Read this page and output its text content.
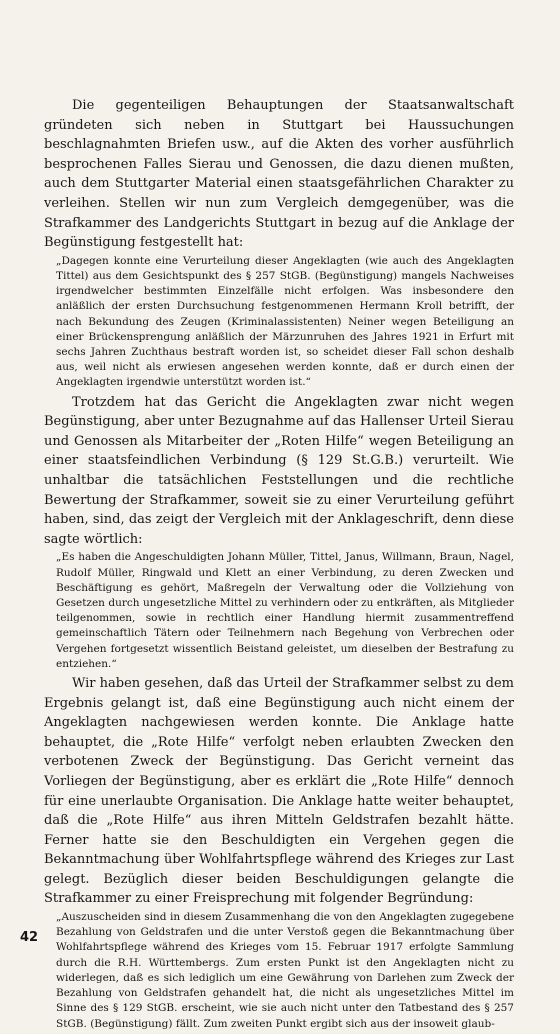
Die gegenteiligen Behauptungen der Staatsanwaltschaft gründeten sich neben in Stuttgart bei Haussuchungen beschlagnahmten Briefen usw., auf die Akten des vorher ausführlich besprochenen Falles Sierau und Genossen, die dazu dienen mußten, auch dem Stuttgarter Material einen staatsgefährlichen Charakter zu verleihen. Stellen wir nun zum Vergleich demgegenüber, was die Strafkammer des Landgerichts Stuttgart in bezug auf die Anklage der Begünstigung festgestellt hat:

„Dagegen konnte eine Verurteilung dieser Angeklagten (wie auch des Angeklagten Tittel) aus dem Gesichtspunkt des § 257 StGB. (Begünstigung) mangels Nachweises irgendwelcher bestimmten Einzelfälle nicht erfolgen. Was insbesondere den anläßlich der ersten Durchsuchung festgenommenen Hermann Kroll betrifft, der nach Bekundung des Zeugen (Kriminalassistenten) Neiner wegen Beteiligung an einer Brückensprengung anläßlich der Märzunruhen des Jahres 1921 in Erfurt mit sechs Jahren Zuchthaus bestraft worden ist, so scheidet dieser Fall schon deshalb aus, weil nicht als erwiesen angesehen werden konnte, daß er durch einen der Angeklagten irgendwie unterstützt worden ist.“

Trotzdem hat das Gericht die Angeklagten zwar nicht wegen Begünstigung, aber unter Bezugnahme auf das Hallenser Urteil Sierau und Genossen als Mitarbeiter der „Roten Hilfe“ wegen Beteiligung an einer staatsfeindlichen Verbindung (§ 129 St.G.B.) verurteilt. Wie unhaltbar die tatsächlichen Feststellungen und die rechtliche Bewertung der Strafkammer, soweit sie zu einer Verurteilung geführt haben, sind, das zeigt der Vergleich mit der Anklageschrift, denn diese sagte wörtlich:

„Es haben die Angeschuldigten Johann Müller, Tittel, Janus, Willmann, Braun, Nagel, Rudolf Müller, Ringwald und Klett an einer Verbindung, zu deren Zwecken und Beschäftigung es gehört, Maßregeln der Verwaltung oder die Vollziehung von Gesetzen durch ungesetzliche Mittel zu verhindern oder zu entkräften, als Mitglieder teilgenommen, sowie in rechtlich einer Handlung hiermit zusammentreffend gemeinschaftlich Tätern oder Teilnehmern nach Begehung von Verbrechen oder Vergehen fortgesetzt wissentlich Beistand geleistet, um dieselben der Bestrafung zu entziehen.“

Wir haben gesehen, daß das Urteil der Strafkammer selbst zu dem Ergebnis gelangt ist, daß eine Begünstigung auch nicht einem der Angeklagten nachgewiesen werden konnte. Die Anklage hatte behauptet, die „Rote Hilfe“ verfolgt neben erlaubten Zwecken den verbotenen Zweck der Begünstigung. Das Gericht verneint das Vorliegen der Begünstigung, aber es erklärt die „Rote Hilfe“ dennoch für eine unerlaubte Organisation. Die Anklage hatte weiter behauptet, daß die „Rote Hilfe“ aus ihren Mitteln Geldstrafen bezahlt hätte. Ferner hatte sie den Beschuldigten ein Vergehen gegen die Bekanntmachung über Wohlfahrtspflege während des Krieges zur Last gelegt. Bezüglich dieser beiden Beschuldigungen gelangte die Strafkammer zu einer Freisprechung mit folgender Begründung:

„Auszuscheiden sind in diesem Zusammenhang die von den Angeklagten zugegebene Bezahlung von Geldstrafen und die unter Verstoß gegen die Bekanntmachung über Wohlfahrtspflege während des Krieges vom 15. Februar 1917 erfolgte Sammlung durch die R.H. Württembergs. Zum ersten Punkt ist den Angeklagten nicht zu widerlegen, daß es sich lediglich um eine Gewährung von Darlehen zum Zweck der Bezahlung von Geldstrafen gehandelt hat, die nicht als ungesetzliches Mittel im Sinne des § 129 StGB. erscheint, wie sie auch nicht unter den Tatbestand des § 257 StGB. (Begünstigung) fällt. Zum zweiten Punkt ergibt sich aus der insoweit glaub-

42
